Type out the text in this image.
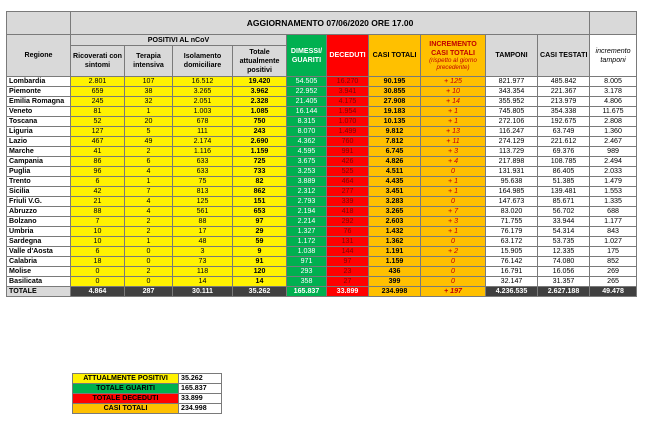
	AGGIORNAMENTO 07/06/2020 ORE 17.00										
Regione	POSITIVI AL nCoV				DIMESSI/ GUARITI	DECEDUTI	CASI TOTALI	INCREMENTO CASI TOTALI
(rispetto al giorno precedente)	TAMPONI	CASI TESTATI	incremento tamponi
	Ricoverati con sintomi	Terapia intensiva	Isolamento domiciliare	Totale attualmente positivi							

Lombardia	2.801	107	16.512	19.420	54.505	16.270	90.195	+ 125	821.977	485.842	8.005
Piemonte	659	38	3.265	3.962	22.952	3.941	30.855	+ 10	343.354	221.367	3.178
Emilia Romagna	245	32	2.051	2.328	21.405	4.175	27.908	+ 14	355.952	213.979	4.806
Veneto	81	1	1.003	1.085	16.144	1.954	19.183	+ 1	745.805	354.338	11.675
Toscana	52	20	678	750	8.315	1.070	10.135	+ 1	272.106	192.675	2.808
Liguria	127	5	111	243	8.070	1.499	9.812	+ 13	116.247	63.749	1.360
Lazio	467	49	2.174	2.690	4.362	760	7.812	+ 11	274.129	221.612	2.467
Marche	41	2	1.116	1.159	4.595	991	6.745	+ 3	113.729	69.376	989
Campania	86	6	633	725	3.675	426	4.826	+ 4	217.898	108.785	2.494
Puglia	96	4	633	733	3.253	525	4.511	0	131.931	86.405	2.033
Trento	6	1	75	82	3.889	464	4.435	+ 1	95.638	51.385	1.479
Sicilia	42	7	813	862	2.312	277	3.451	+ 1	164.985	139.481	1.553
Friuli V.G.	21	4	125	151	2.793	339	3.283	0	147.673	85.671	1.335
Abruzzo	88	4	561	653	2.194	418	3.265	+ 7	83.020	56.702	688
Bolzano	7	2	88	97	2.214	292	2.603	+ 3	71.755	33.944	1.177
Umbria	10	2	17	29	1.327	76	1.432	+ 1	76.179	54.314	843
Sardegna	10	1	48	59	1.172	131	1.362	0	63.172	53.735	1.027
Valle d'Aosta	6	0	3	9	1.038	144	1.191	+ 2	15.905	12.335	175
Calabria	18	0	73	91	971	97	1.159	0	76.142	74.080	852
Molise	0	2	118	120	293	23	436	0	16.791	16.056	269
Basilicata	0	0	14	14	358	27	399	0	32.147	31.357	265
TOTALE	4.864	287	30.111	35.262	165.837	33.899	234.998	+ 197	4.236.535	2.627.188	49.478
ATTUALMENTE POSITIVI	35.262
TOTALE GUARITI	165.837
TOTALE DECEDUTI	33.899
CASI TOTALI	234.998
